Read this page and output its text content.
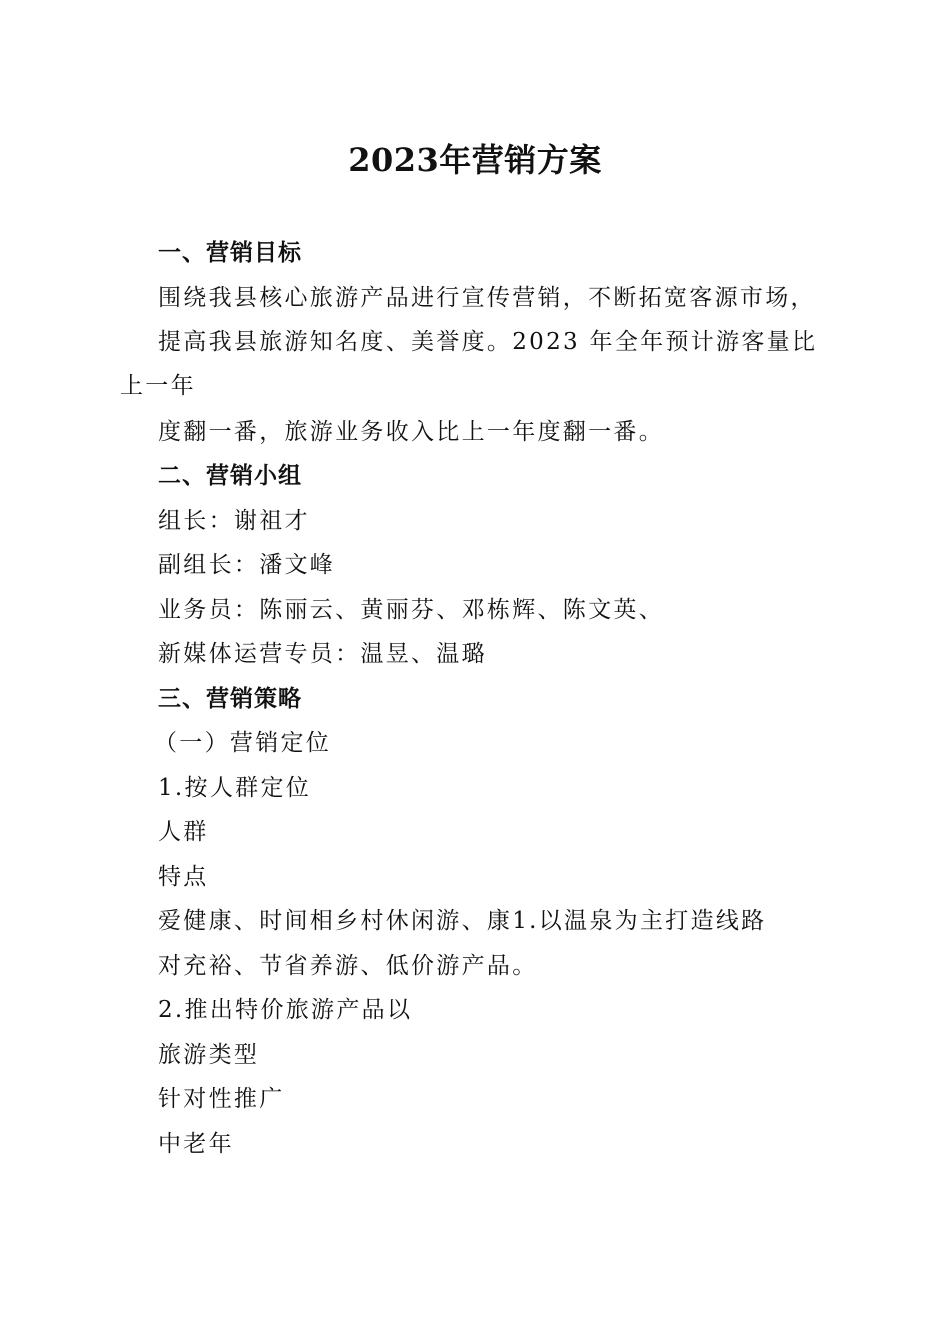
2023年营销方案
一、营销目标
围绕我县核心旅游产品进行宣传营销，不断拓宽客源市场，
提高我县旅游知名度、美誉度。2023 年全年预计游客量比
上一年
度翻一番，旅游业务收入比上一年度翻一番。
二、营销小组
组长：谢祖才
副组长：潘文峰
业务员：陈丽云、黄丽芬、邓栋辉、陈文英、
新媒体运营专员：温昱、温璐
三、营销策略
（一）营销定位
1.按人群定位
人群
特点
爱健康、时间相乡村休闲游、康1.以温泉为主打造线路
对充裕、节省养游、低价游产品。
2.推出特价旅游产品以
旅游类型
针对性推广
中老年
